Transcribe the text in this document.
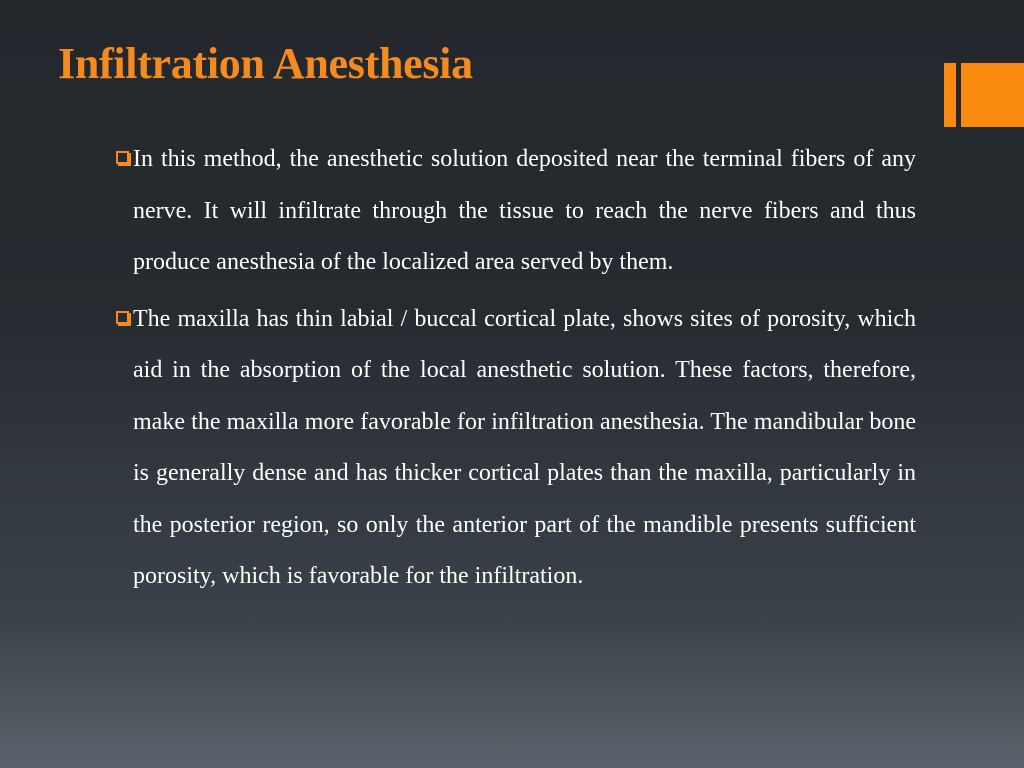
Infiltration Anesthesia

In this method, the anesthetic solution deposited near the terminal fibers of any nerve. It will infiltrate through the tissue to reach the nerve fibers and thus produce anesthesia of the localized area served by them.

The maxilla has thin labial / buccal cortical plate, shows sites of porosity, which aid in the absorption of the local anesthetic solution. These factors, therefore, make the maxilla more favorable for infiltration anesthesia. The mandibular bone is generally dense and has thicker cortical plates than the maxilla, particularly in the posterior region, so only the anterior part of the mandible presents sufficient porosity, which is favorable for the infiltration.
